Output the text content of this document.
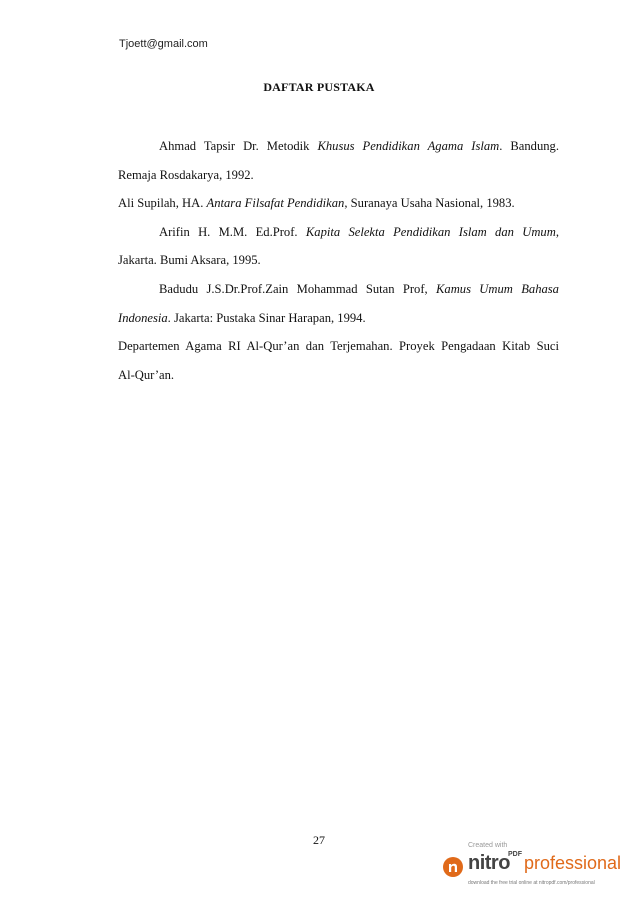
Tjoett@gmail.com
DAFTAR PUSTAKA

Ahmad Tapsir Dr. Metodik Khusus Pendidikan Agama Islam. Bandung.
Remaja Rosdakarya, 1992.

Ali Supilah, HA. Antara Filsafat Pendidikan, Suranaya Usaha Nasional, 1983.

Arifin H. M.M. Ed.Prof. Kapita Selekta Pendidikan Islam dan Umum,
Jakarta. Bumi Aksara, 1995.

Badudu J.S.Dr.Prof.Zain Mohammad Sutan Prof, Kamus Umum Bahasa
Indonesia. Jakarta: Pustaka Sinar Harapan, 1994.

Departemen Agama RI Al-Qur’an dan Terjemahan. Proyek Pengadaan Kitab Suci
Al-Qur’an.

27	Created with
nitro
PDF professional
download the free trial online at nitropdf.com/professional
